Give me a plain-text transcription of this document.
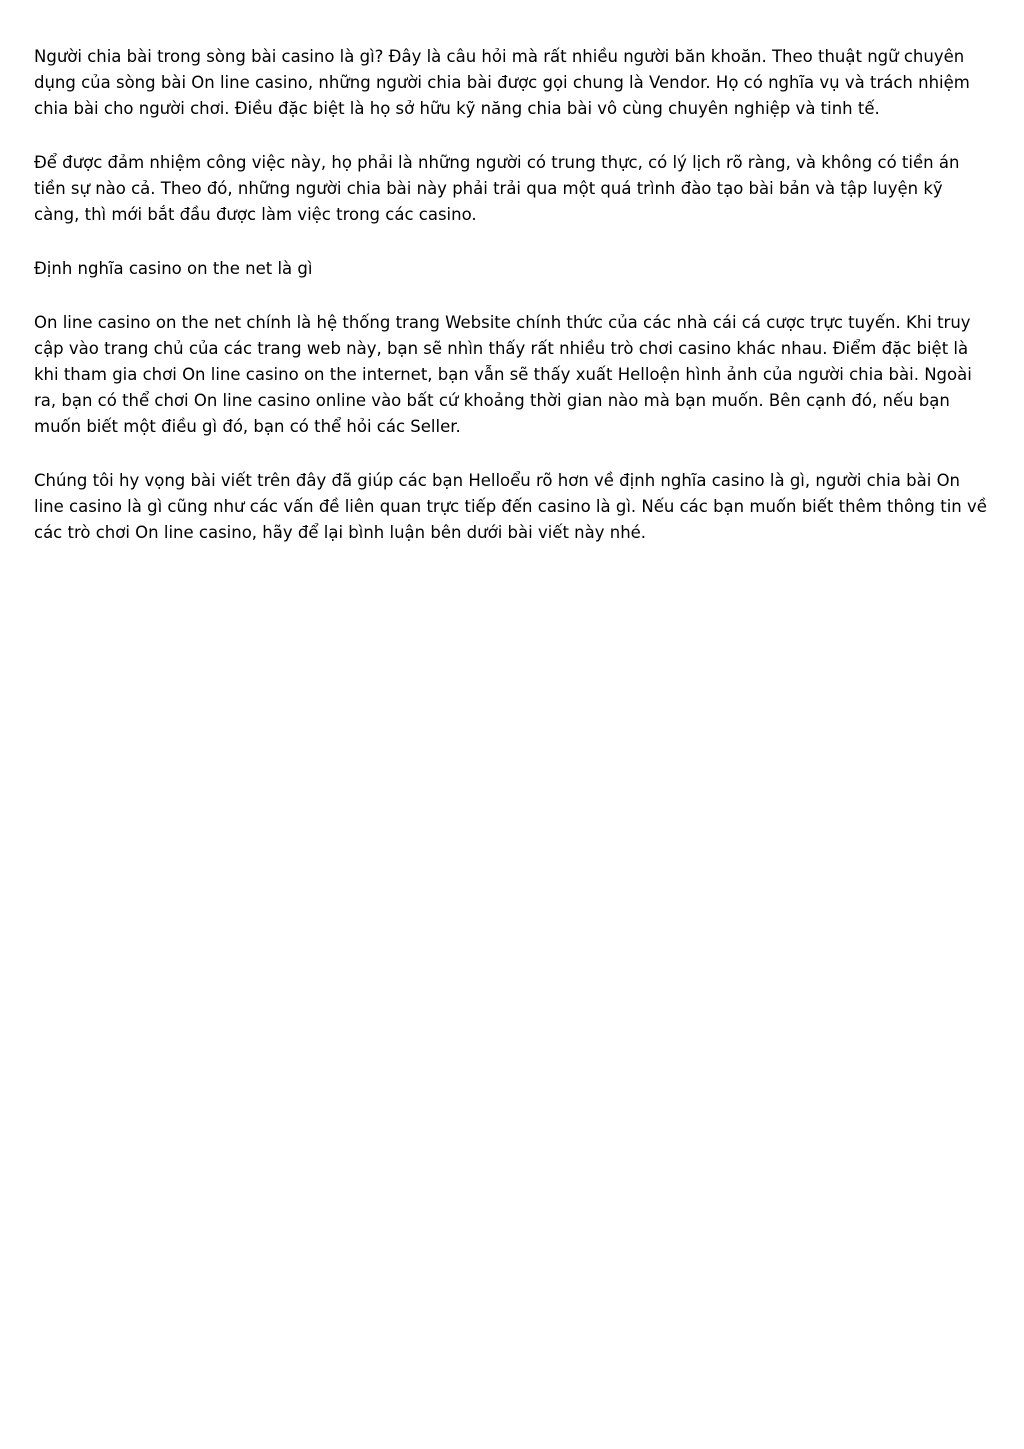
Người chia bài trong sòng bài casino là gì? Đây là câu hỏi mà rất nhiều người băn khoăn. Theo thuật ngữ chuyên dụng của sòng bài On line casino, những người chia bài được gọi chung là Vendor. Họ có nghĩa vụ và trách nhiệm chia bài cho người chơi. Điều đặc biệt là họ sở hữu kỹ năng chia bài vô cùng chuyên nghiệp và tinh tế.

Để được đảm nhiệm công việc này, họ phải là những người có trung thực, có lý lịch rõ ràng, và không có tiền án tiền sự nào cả. Theo đó, những người chia bài này phải trải qua một quá trình đào tạo bài bản và tập luyện kỹ càng, thì mới bắt đầu được làm việc trong các casino.

Định nghĩa casino on the net là gì

On line casino on the net chính là hệ thống trang Website chính thức của các nhà cái cá cược trực tuyến. Khi truy cập vào trang chủ của các trang web này, bạn sẽ nhìn thấy rất nhiều trò chơi casino khác nhau. Điểm đặc biệt là khi tham gia chơi On line casino on the internet, bạn vẫn sẽ thấy xuất Helloện hình ảnh của người chia bài. Ngoài ra, bạn có thể chơi On line casino online vào bất cứ khoảng thời gian nào mà bạn muốn. Bên cạnh đó, nếu bạn muốn biết một điều gì đó, bạn có thể hỏi các Seller.

Chúng tôi hy vọng bài viết trên đây đã giúp các bạn Helloểu rõ hơn về định nghĩa casino là gì, người chia bài On line casino là gì cũng như các vấn đề liên quan trực tiếp đến casino là gì. Nếu các bạn muốn biết thêm thông tin về các trò chơi On line casino, hãy để lại bình luận bên dưới bài viết này nhé.
